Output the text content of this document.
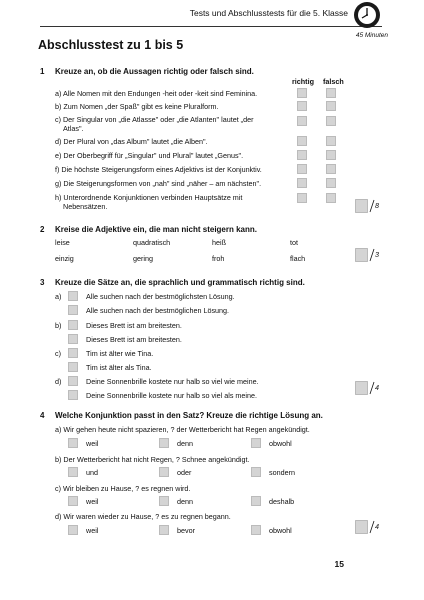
Tests und Abschlusstests für die 5. Klasse
45 Minuten
Abschlusstest zu 1 bis 5
1 Kreuze an, ob die Aussagen richtig oder falsch sind.
richtig falsch
a) Alle Nomen mit den Endungen -heit oder -keit sind Feminina.
b) Zum Nomen „der Spaß" gibt es keine Pluralform.
c) Der Singular von „die Atlasse" oder „die Atlanten" lautet „der
Atlas".
d) Der Plural von „das Album" lautet „die Alben".
e) Der Oberbegriff für „Singular" und Plural" lautet „Genus".
f) Die höchste Steigerungsform eines Adjektivs ist der Konjunktiv.
g) Die Steigerungsformen von „nah" sind „näher – am nächsten".
h) Unterordnende Konjunktionen verbinden Hauptsätze mit
Nebensätzen.	8
2 Kreise die Adjektive ein, die man nicht steigern kann.
leise	quadratisch	heiß	tot
einzig	gering	froh	flach	3
3 Kreuze die Sätze an, die sprachlich und grammatisch richtig sind.
a)	Alle suchen nach der bestmöglichsten Lösung.
Alle suchen nach der bestmöglichen Lösung.
b)	Dieses Brett ist am breitesten.
Dieses Brett ist am breitesten.
c)	Tim ist älter wie Tina.
Tim ist älter als Tina.
d)	Deine Sonnenbrille kostete nur halb so viel wie meine.
Deine Sonnenbrille kostete nur halb so viel als meine.
4
4 Welche Konjunktion passt in den Satz? Kreuze die richtige Lösung an.
a) Wir gehen heute nicht spazieren, ? der Wetterbericht hat Regen angekündigt.
weil	denn	obwohl
b) Der Wetterbericht hat nicht Regen, ? Schnee angekündigt.
und	oder	sondern
c) Wir bleiben zu Hause, ? es regnen wird.
weil	denn	deshalb
d) Wir waren wieder zu Hause, ? es zu regnen begann.
weil	bevor	obwohl	4
15
